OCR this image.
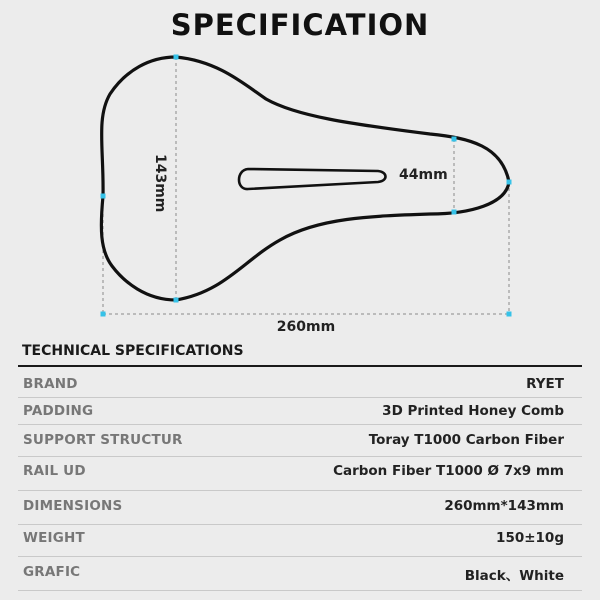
SPECIFICATION
260mm
143mm	44mm
TECHNICAL SPECIFICATIONS
BRAND	RYET
PADDING	3D Printed Honey Comb
SUPPORT STRUCTUR	Toray T1000 Carbon Fiber
RAIL UD	Carbon Fiber T1000 Ø 7x9 mm
DIMENSIONS	260mm*143mm
WEIGHT	150±10g
GRAFIC	Black、White
